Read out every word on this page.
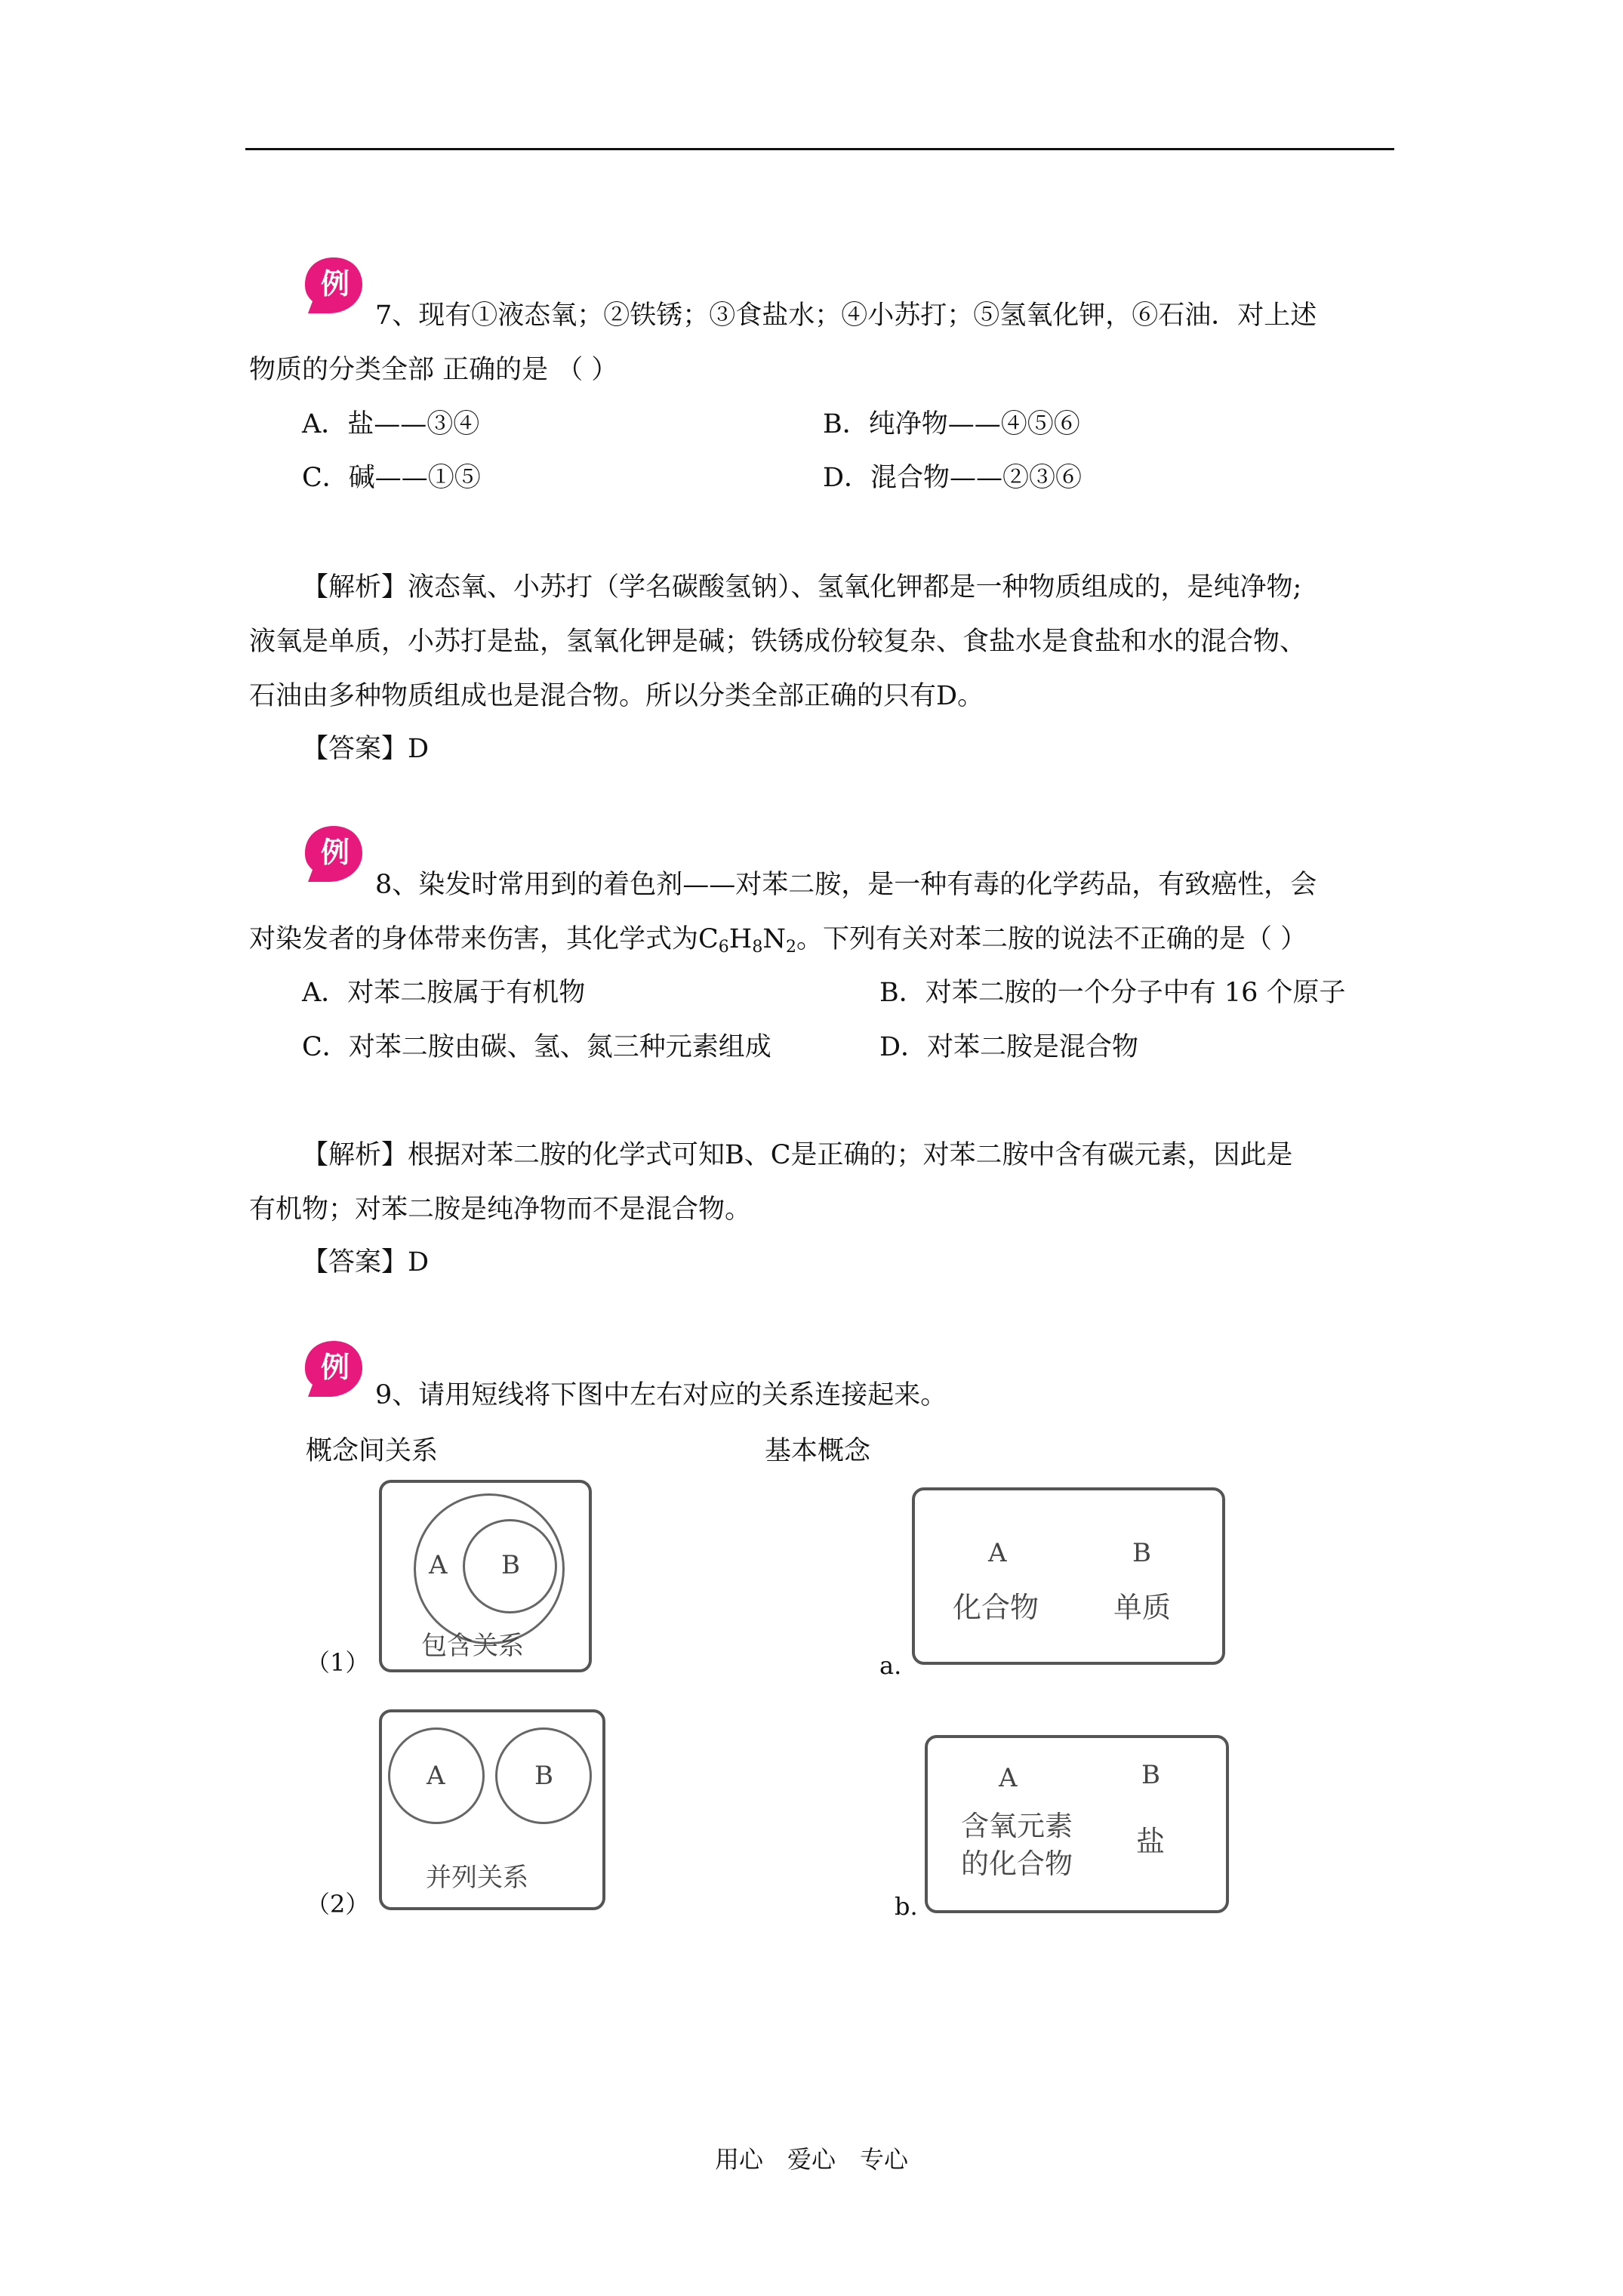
例
7、现有①液态氧；②铁锈；③食盐水；④小苏打；⑤氢氧化钾，⑥石油．对上述
物质的分类全部 正确的是 （ ）
A．盐——③④	B．纯净物——④⑤⑥
C．碱——①⑤	D．混合物——②③⑥
【解析】液态氧、小苏打（学名碳酸氢钠）、氢氧化钾都是一种物质组成的，是纯净物;
液氧是单质，小苏打是盐，氢氧化钾是碱；铁锈成份较复杂、食盐水是食盐和水的混合物、
石油由多种物质组成也是混合物。所以分类全部正确的只有D。
【答案】D
例
8、染发时常用到的着色剂——对苯二胺，是一种有毒的化学药品，有致癌性，会
对染发者的身体带来伤害，其化学式为$C_6H_8N_2$。下列有关对苯二胺的说法不正确的是（ ）
A．对苯二胺属于有机物	B．对苯二胺的一个分子中有 16 个原子
C．对苯二胺由碳、氢、氮三种元素组成	D．对苯二胺是混合物
【解析】根据对苯二胺的化学式可知B、C是正确的；对苯二胺中含有碳元素，因此是
有机物；对苯二胺是纯净物而不是混合物。
【答案】D
例
9、请用短线将下图中左右对应的关系连接起来。
概念间关系	基本概念
（1）
A B
包含关系
（2）
A	B
并列关系
a.
A	B
化合物	单质
b.
A	B
含氧元素
的化合物
盐
用心　爱心　专心
